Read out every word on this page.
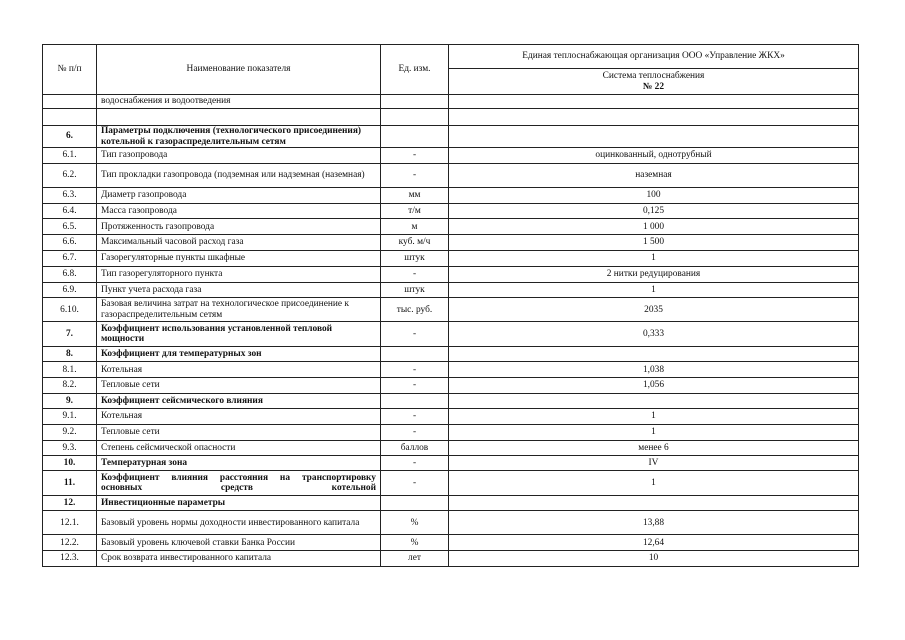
№ п/п	Наименование показателя	Ед. изм.	Единая теплоснабжающая организация ООО «Управление ЖКХ»

			Система теплоснабжения
№ 22

	водоснабжения и водоотведения		

6.	Параметры подключения (технологического присоединения) котельной к газораспределительным сетям		
6.1.	Тип газопровода	-	оцинкованный, однотрубный
6.2.	Тип прокладки газопровода (подземная или надземная (наземная)	-	наземная
6.3.	Диаметр газопровода	мм	100
6.4.	Масса газопровода	т/м	0,125
6.5.	Протяженность газопровода	м	1 000
6.6.	Максимальный часовой расход газа	куб. м/ч	1 500
6.7.	Газорегуляторные пункты шкафные	штук	1
6.8.	Тип газорегуляторного пункта	-	2 нитки редуцирования
6.9.	Пункт учета расхода газа	штук	1
6.10.	Базовая величина затрат на технологическое присоединение к газораспределительным сетям	тыс. руб.	2035
7.	Коэффициент использования установленной тепловой мощности	-	0,333
8.	Коэффициент для температурных зон		
8.1.	Котельная	-	1,038
8.2.	Тепловые сети	-	1,056
9.	Коэффициент сейсмического влияния		
9.1.	Котельная	-	1
9.2.	Тепловые сети	-	1
9.3.	Степень сейсмической опасности	баллов	менее 6
10.	Температурная зона	-	IV
11.	Коэффициент влияния расстояния на транспортировку основных средств котельной	-	1
12.	Инвестиционные параметры		
12.1.	Базовый уровень нормы доходности инвестированного капитала	%	13,88
12.2.	Базовый уровень ключевой ставки Банка России	%	12,64
12.3.	Срок возврата инвестированного капитала	лет	10
